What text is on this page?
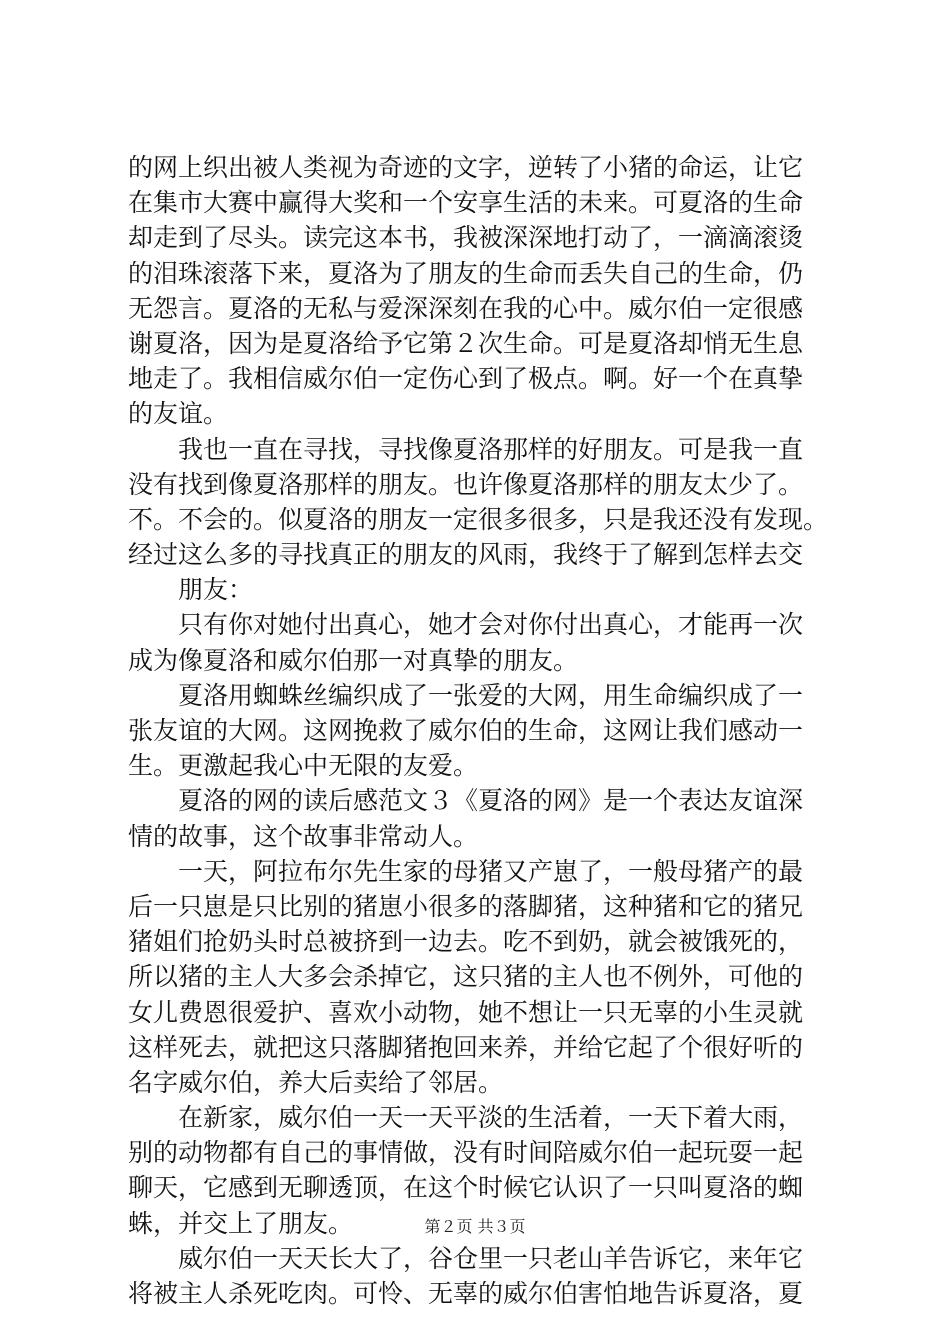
的网上织出被人类视为奇迹的文字，逆转了小猪的命运，让它
在集市大赛中赢得大奖和一个安享生活的未来。可夏洛的生命
却走到了尽头。读完这本书，我被深深地打动了，一滴滴滚烫
的泪珠滚落下来，夏洛为了朋友的生命而丢失自己的生命，仍
无怨言。夏洛的无私与爱深深刻在我的心中。威尔伯一定很感
谢夏洛，因为是夏洛给予它第２次生命。可是夏洛却悄无生息
地走了。我相信威尔伯一定伤心到了极点。啊。好一个在真挚
的友谊。
我也一直在寻找，寻找像夏洛那样的好朋友。可是我一直
没有找到像夏洛那样的朋友。也许像夏洛那样的朋友太少了。
不。不会的。似夏洛的朋友一定很多很多，只是我还没有发现。
经过这么多的寻找真正的朋友的风雨，我终于了解到怎样去交
朋友：
只有你对她付出真心，她才会对你付出真心，才能再一次
成为像夏洛和威尔伯那一对真挚的朋友。
夏洛用蜘蛛丝编织成了一张爱的大网，用生命编织成了一
张友谊的大网。这网挽救了威尔伯的生命，这网让我们感动一
生。更激起我心中无限的友爱。
夏洛的网的读后感范文３《夏洛的网》是一个表达友谊深
情的故事，这个故事非常动人。
一天，阿拉布尔先生家的母猪又产崽了，一般母猪产的最
后一只崽是只比别的猪崽小很多的落脚猪，这种猪和它的猪兄
猪姐们抢奶头时总被挤到一边去。吃不到奶，就会被饿死的，
所以猪的主人大多会杀掉它，这只猪的主人也不例外，可他的
女儿费恩很爱护、喜欢小动物，她不想让一只无辜的小生灵就
这样死去，就把这只落脚猪抱回来养，并给它起了个很好听的
名字威尔伯，养大后卖给了邻居。
在新家，威尔伯一天一天平淡的生活着，一天下着大雨，
别的动物都有自己的事情做，没有时间陪威尔伯一起玩耍一起
聊天，它感到无聊透顶，在这个时候它认识了一只叫夏洛的蜘
蛛，并交上了朋友。
威尔伯一天天长大了，谷仓里一只老山羊告诉它，来年它
将被主人杀死吃肉。可怜、无辜的威尔伯害怕地告诉夏洛，夏
第２页 共３页
